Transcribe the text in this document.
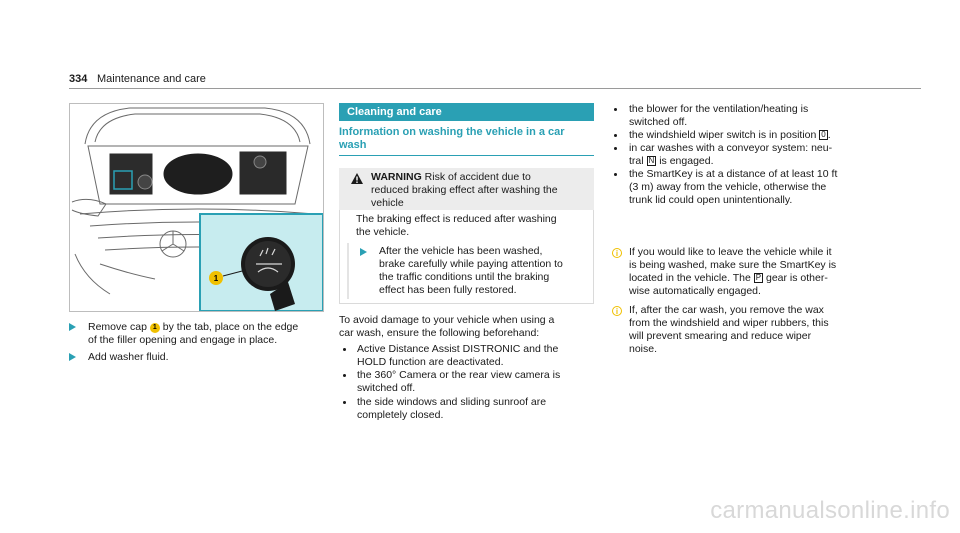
334 Maintenance and care
1
Remove cap 1 by the tab, place on the edge
of the filler opening and engage in place.
Add washer fluid.
Cleaning and care
Information on washing the vehicle in a car
wash
WARNING Risk of accident due to
reduced braking effect after washing the
vehicle
The braking effect is reduced after washing
the vehicle.
After the vehicle has been washed,
brake carefully while paying attention to
the traffic conditions until the braking
effect has been fully restored.
To avoid damage to your vehicle when using a
car wash, ensure the following beforehand:
Active Distance Assist DISTRONIC and the
HOLD function are deactivated.
the 360° Camera or the rear view camera is
switched off.
the side windows and sliding sunroof are
completely closed.
the blower for the ventilation/heating is
switched off.
the windshield wiper switch is in position 0 .
in car washes with a conveyor system: neu-
tral N is engaged.
the SmartKey is at a distance of at least 10 ft
(3 m) away from the vehicle, otherwise the
trunk lid could open unintentionally.
i	If you would like to leave the vehicle while it
is being washed, make sure the SmartKey is
located in the vehicle. The P gear is other-
wise automatically engaged.
i	If, after the car wash, you remove the wax
from the windshield and wiper rubbers, this
will prevent smearing and reduce wiper
noise.
carmanualsonline.info
